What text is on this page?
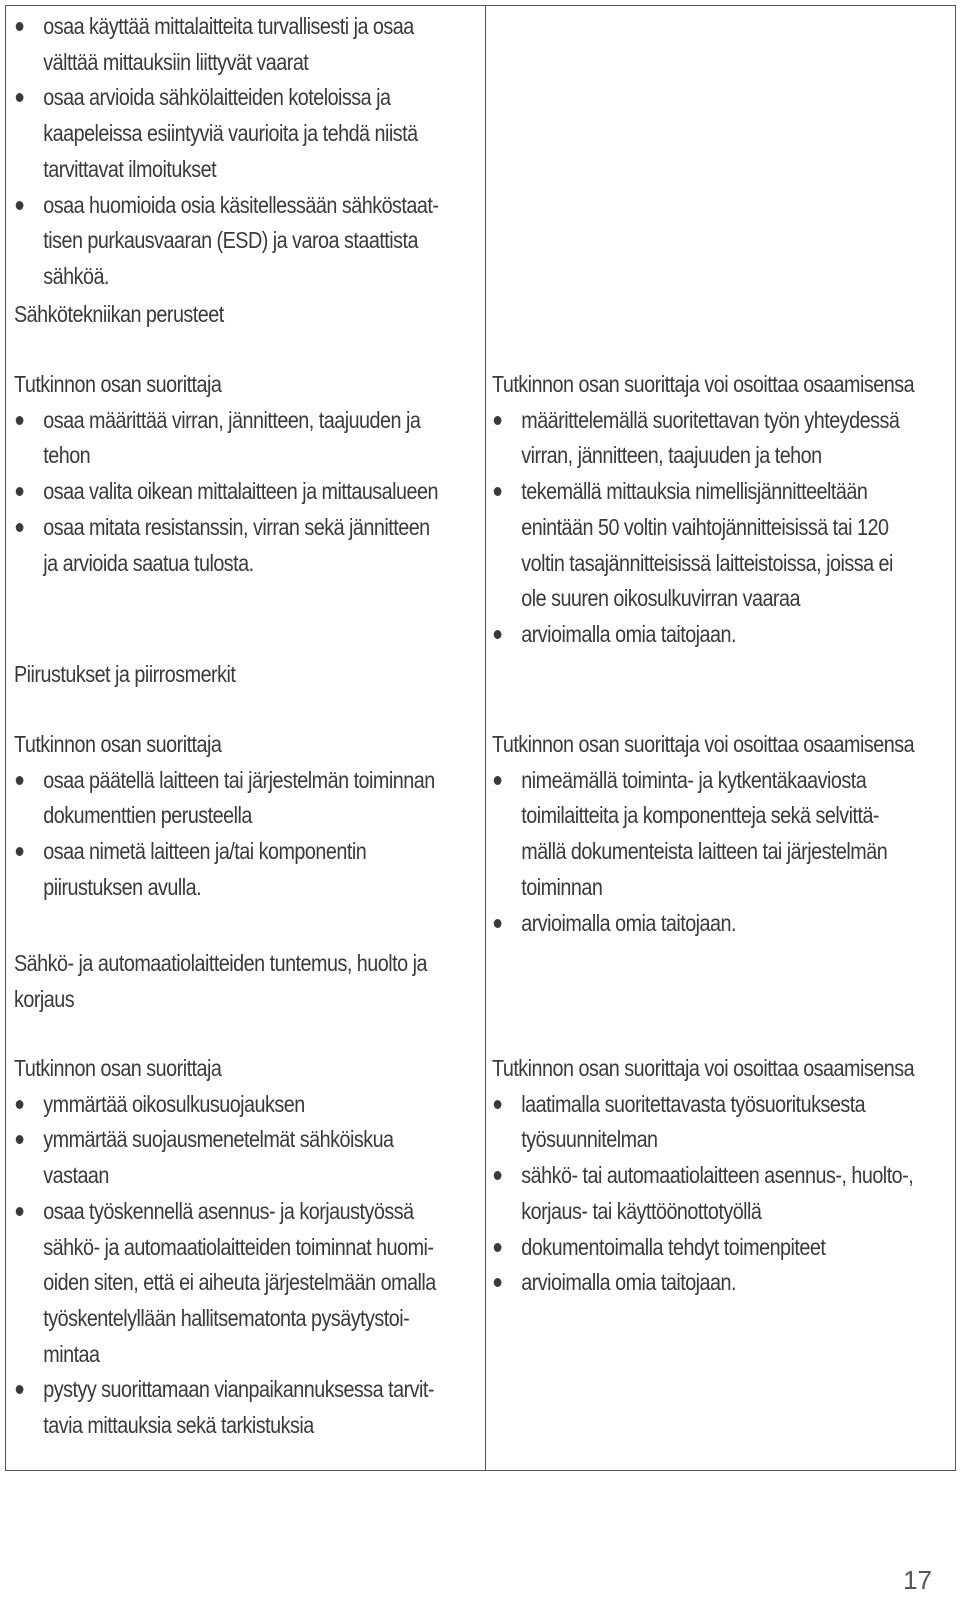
osaa käyttää mittalaitteita turvallisesti ja osaa
välttää mittauksiin liittyvät vaarat
osaa arvioida sähkölaitteiden koteloissa ja
kaapeleissa esiintyviä vaurioita ja tehdä niistä
tarvittavat ilmoitukset
osaa huomioida osia käsitellessään sähköstaat-
tisen purkausvaaran (ESD) ja varoa staattista
sähköä.
Sähkötekniikan perusteet
Tutkinnon osan suorittaja
osaa määrittää virran, jännitteen, taajuuden ja
tehon
osaa valita oikean mittalaitteen ja mittausalueen
osaa mitata resistanssin, virran sekä jännitteen
ja arvioida saatua tulosta.
Tutkinnon osan suorittaja voi osoittaa osaamisensa
määrittelemällä suoritettavan työn yhteydessä
virran, jännitteen, taajuuden ja tehon
tekemällä mittauksia nimellisjännitteeltään
enintään 50 voltin vaihtojännitteisissä tai 120
voltin tasajännitteisissä laitteistoissa, joissa ei
ole suuren oikosulkuvirran vaaraa
arvioimalla omia taitojaan.
Piirustukset ja piirrosmerkit
Tutkinnon osan suorittaja
osaa päätellä laitteen tai järjestelmän toiminnan
dokumenttien perusteella
osaa nimetä laitteen ja/tai komponentin
piirustuksen avulla.
Tutkinnon osan suorittaja voi osoittaa osaamisensa
nimeämällä toiminta- ja kytkentäkaaviosta
toimilaitteita ja komponentteja sekä selvittä-
mällä dokumenteista laitteen tai järjestelmän
toiminnan
arvioimalla omia taitojaan.
Sähkö- ja automaatiolaitteiden tuntemus, huolto ja
korjaus
Tutkinnon osan suorittaja
ymmärtää oikosulkusuojauksen
ymmärtää suojausmenetelmät sähköiskua
vastaan
osaa työskennellä asennus- ja korjaustyössä
sähkö- ja automaatiolaitteiden toiminnat huomi-
oiden siten, että ei aiheuta järjestelmään omalla
työskentelyllään hallitsematonta pysäytystoi-
mintaa
pystyy suorittamaan vianpaikannuksessa tarvit-
tavia mittauksia sekä tarkistuksia
Tutkinnon osan suorittaja voi osoittaa osaamisensa
laatimalla suoritettavasta työsuorituksesta
työsuunnitelman
sähkö- tai automaatiolaitteen asennus-, huolto-,
korjaus- tai käyttöönottotyöllä
dokumentoimalla tehdyt toimenpiteet
arvioimalla omia taitojaan.
17
